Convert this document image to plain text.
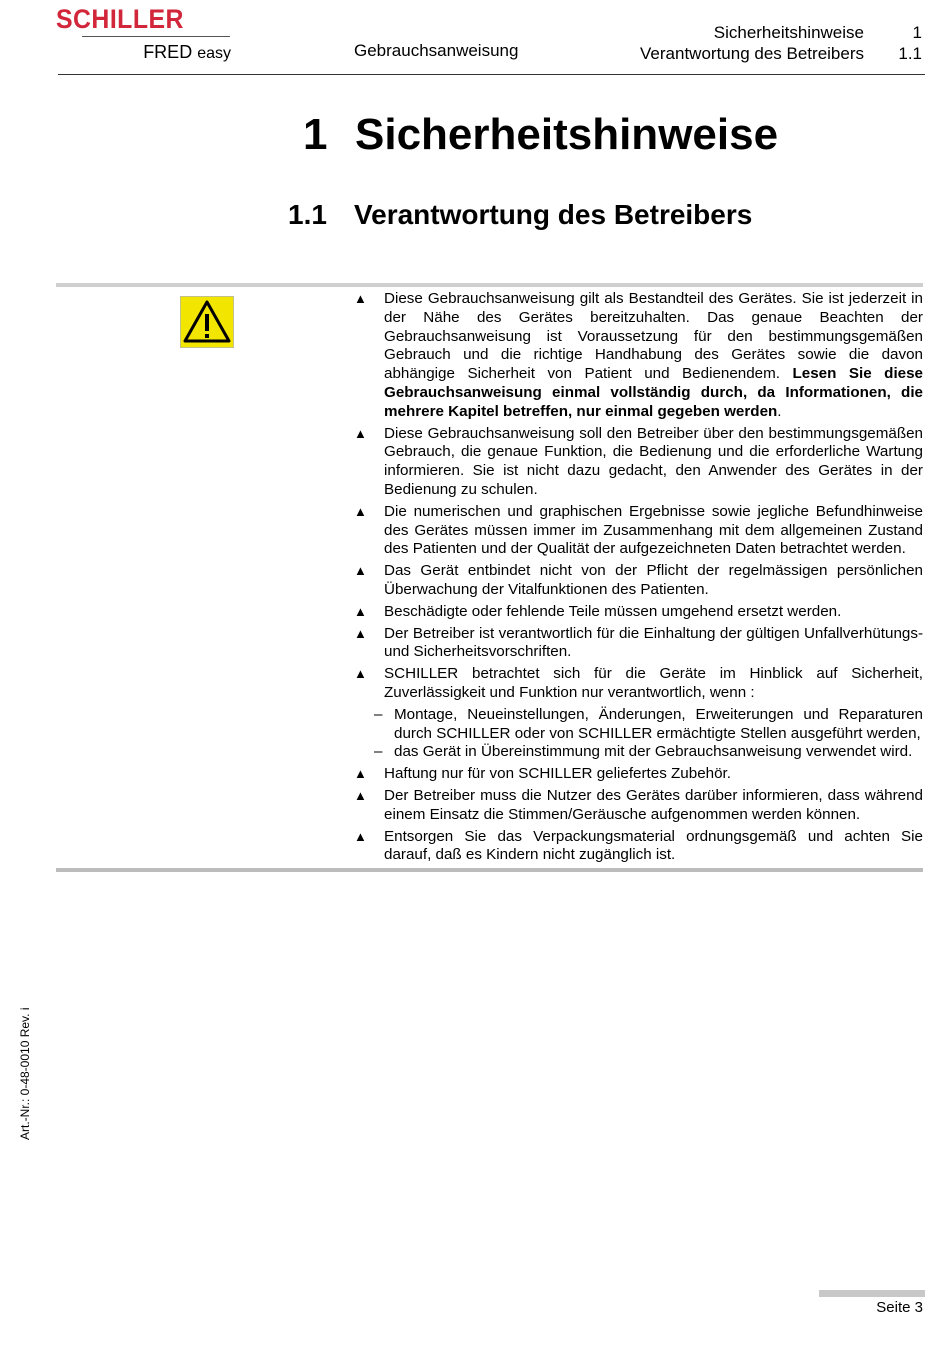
SCHILLER
FRED easy	Gebrauchsanweisung
Sicherheitshinweise	1
Verantwortung des Betreibers	1.1
1 Sicherheitshinweise
1.1 Verantwortung des Betreibers
▲	Diese Gebrauchsanweisung gilt als Bestandteil des Gerätes. Sie ist jederzeit in der Nähe des Gerätes bereitzuhalten. Das genaue Beachten der Gebrauchsanweisung ist Voraussetzung für den bestimmungsgemäßen Gebrauch und die richtige Handhabung des Gerätes sowie die davon abhängige Sicherheit von Patient und Bedienendem. Lesen Sie diese Gebrauchsanweisung einmal vollständig durch, da Informationen, die mehrere Kapitel betreffen, nur einmal gegeben werden.
▲	Diese Gebrauchsanweisung soll den Betreiber über den bestimmungsgemäßen Gebrauch, die genaue Funktion, die Bedienung und die erforderliche Wartung informieren. Sie ist nicht dazu gedacht, den Anwender des Gerätes in der Bedienung zu schulen.
▲	Die numerischen und graphischen Ergebnisse sowie jegliche Befundhinweise des Gerätes müssen immer im Zusammenhang mit dem allgemeinen Zustand des Patienten und der Qualität der aufgezeichneten Daten betrachtet werden.
▲	Das Gerät entbindet nicht von der Pflicht der regelmässigen persönlichen Überwachung der Vitalfunktionen des Patienten.
▲	Beschädigte oder fehlende Teile müssen umgehend ersetzt werden.
▲	Der Betreiber ist verantwortlich für die Einhaltung der gültigen Unfallverhütungs- und Sicherheitsvorschriften.
▲	SCHILLER betrachtet sich für die Geräte im Hinblick auf Sicherheit, Zuverlässigkeit und Funktion nur verantwortlich, wenn :
– Montage, Neueinstellungen, Änderungen, Erweiterungen und Reparaturen durch SCHILLER oder von SCHILLER ermächtigte Stellen ausgeführt werden,
– das Gerät in Übereinstimmung mit der Gebrauchsanweisung verwendet wird.
▲	Haftung nur für von SCHILLER geliefertes Zubehör.
▲	Der Betreiber muss die Nutzer des Gerätes darüber informieren, dass während einem Einsatz die Stimmen/Geräusche aufgenommen werden können.
▲	Entsorgen Sie das Verpackungsmaterial ordnungsgemäß und achten Sie darauf, daß es Kindern nicht zugänglich ist.
Art.-Nr.: 0-48-0010 Rev. i
Seite 3
